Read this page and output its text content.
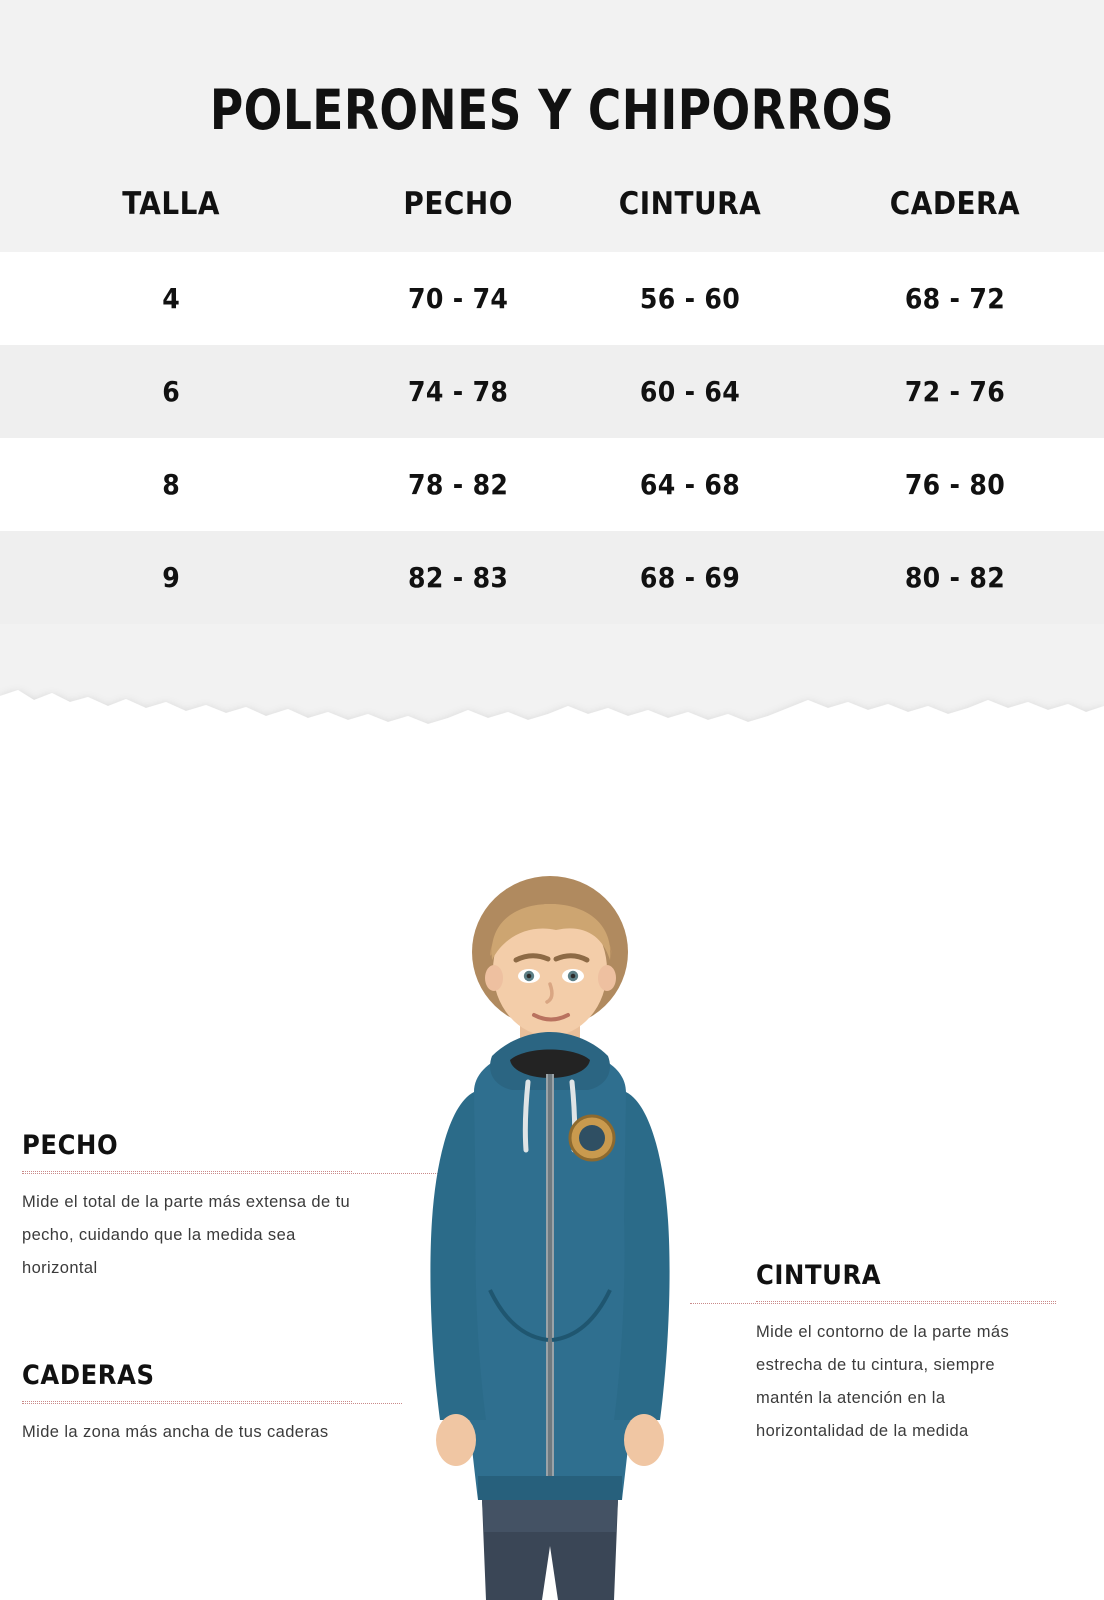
POLERONES Y CHIPORROS
TALLA	PECHO	CINTURA	CADERA
4	70 - 74	56 - 60	68 - 72
6	74 - 78	60 - 64	72 - 76
8	78 - 82	64 - 68	76 - 80
9	82 - 83	68 - 69	80 - 82
PECHO

Mide el total de la parte más extensa de tu pecho, cuidando que la medida sea horizontal

CADERAS

Mide la zona más ancha de tus caderas

CINTURA

Mide el contorno de la parte más estrecha de tu cintura, siempre mantén la atención en la horizontalidad de la medida
